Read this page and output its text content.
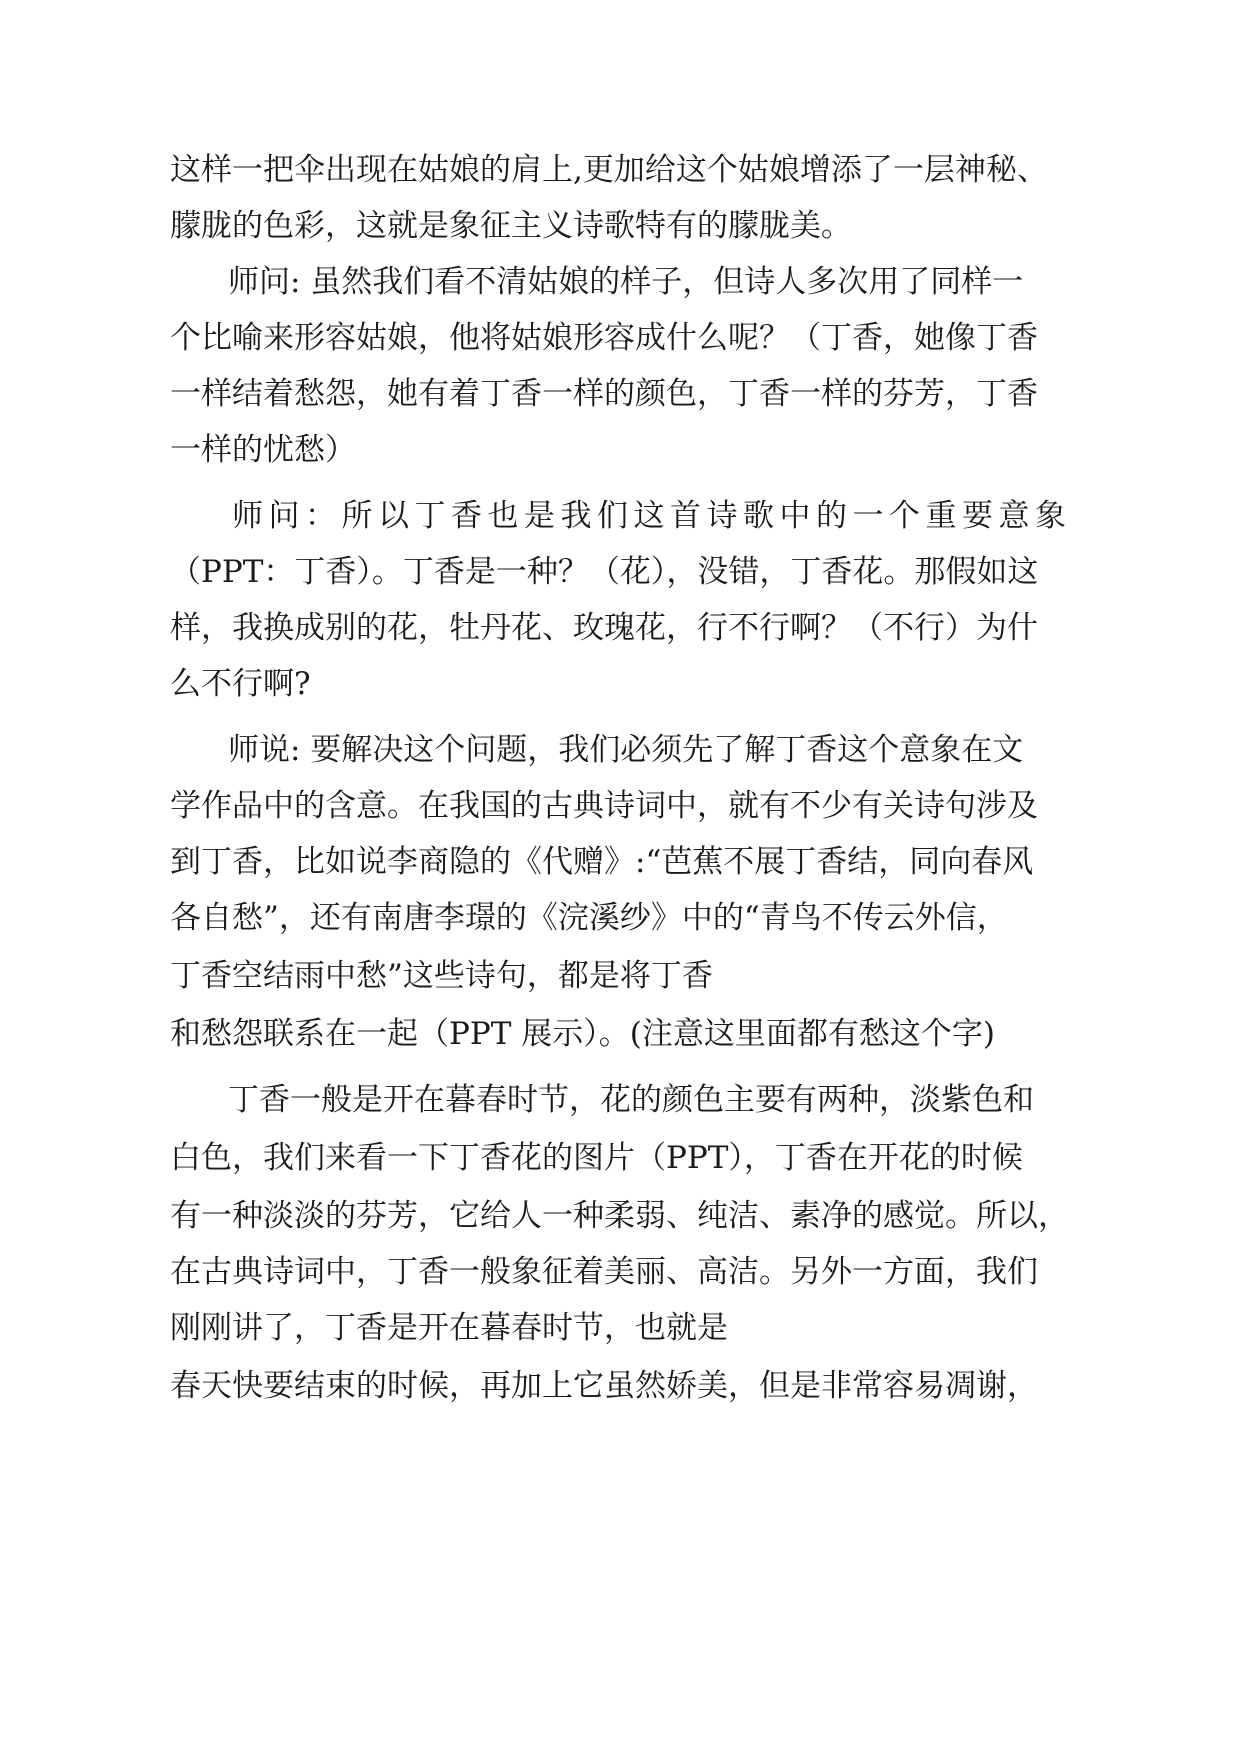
这样一把伞出现在姑娘的肩上,更加给这个姑娘增添了一层神秘、
朦胧的色彩，这就是象征主义诗歌特有的朦胧美。
师问: 虽然我们看不清姑娘的样子，但诗人多次用了同样一
个比喻来形容姑娘，他将姑娘形容成什么呢？（丁香，她像丁香
一样结着愁怨，她有着丁香一样的颜色，丁香一样的芬芳，丁香
一样的忧愁）
师问：所以丁香也是我们这首诗歌中的一个重要意象
（PPT：丁香）。丁香是一种？（花），没错，丁香花。那假如这
样，我换成别的花，牡丹花、玫瑰花，行不行啊？（不行）为什
么不行啊?
师说: 要解决这个问题，我们必须先了解丁香这个意象在文
学作品中的含意。在我国的古典诗词中，就有不少有关诗句涉及
到丁香，比如说李商隐的《代赠》:“芭蕉不展丁香结，同向春风
各自愁”，还有南唐李璟的《浣溪纱》中的“青鸟不传云外信，
丁香空结雨中愁”这些诗句，都是将丁香
和愁怨联系在一起（PPT 展示）。(注意这里面都有愁这个字)
丁香一般是开在暮春时节，花的颜色主要有两种，淡紫色和
白色，我们来看一下丁香花的图片（PPT），丁香在开花的时候
有一种淡淡的芬芳，它给人一种柔弱、纯洁、素净的感觉。所以，
在古典诗词中，丁香一般象征着美丽、高洁。另外一方面，我们
刚刚讲了，丁香是开在暮春时节，也就是
春天快要结束的时候，再加上它虽然娇美，但是非常容易凋谢，
